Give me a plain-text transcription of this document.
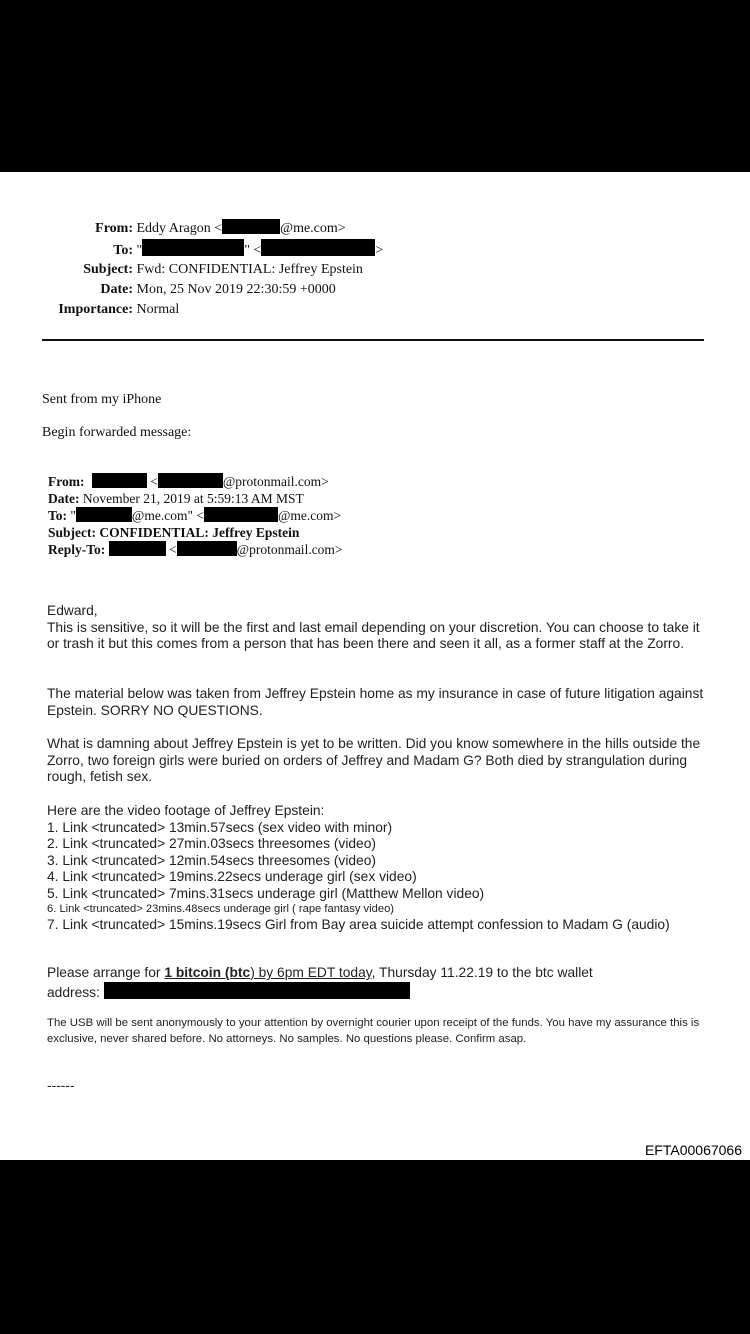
From: Eddy Aragon <	@me.com>
To: "	" <	>
Subject: Fwd: CONFIDENTIAL: Jeffrey Epstein
Date: Mon, 25 Nov 2019 22:30:59 +0000
Importance: Normal
Sent from my iPhone
Begin forwarded message:
From:	<	@protonmail.com>
Date: November 21, 2019 at 5:59:13 AM MST
To: "	@me.com" <	@me.com>
Subject: CONFIDENTIAL: Jeffrey Epstein
Reply-To:	<	@protonmail.com>

Edward,

This is sensitive, so it will be the first and last email depending on your discretion. You can choose to take it or trash it but this comes from a person that has been there and seen it all, as a former staff at the Zorro.

The material below was taken from Jeffrey Epstein home as my insurance in case of future litigation against Epstein. SORRY NO QUESTIONS.
What is damning about Jeffrey Epstein is yet to be written. Did you know somewhere in the hills outside the Zorro, two foreign girls were buried on orders of Jeffrey and Madam G? Both died by strangulation during rough, fetish sex.

Here are the video footage of Jeffrey Epstein:

1. Link <truncated> 13min.57secs (sex video with minor)

2. Link <truncated> 27min.03secs threesomes (video)

3. Link <truncated> 12min.54secs threesomes (video)

4. Link <truncated> 19mins.22secs underage girl (sex video)

5. Link <truncated> 7mins.31secs underage girl (Matthew Mellon video)

6. Link <truncated> 23mins.48secs underage girl ( rape fantasy video)

7. Link <truncated> 15mins.19secs Girl from Bay area suicide attempt confession to Madam G (audio)

Please arrange for 1 bitcoin (btc) by 6pm EDT today, Thursday 11.22.19 to the btc wallet

address:

The USB will be sent anonymously to your attention by overnight courier upon receipt of the funds. You have my assurance this is exclusive, never shared before. No attorneys. No samples. No questions please. Confirm asap.
------
EFTA00067066
